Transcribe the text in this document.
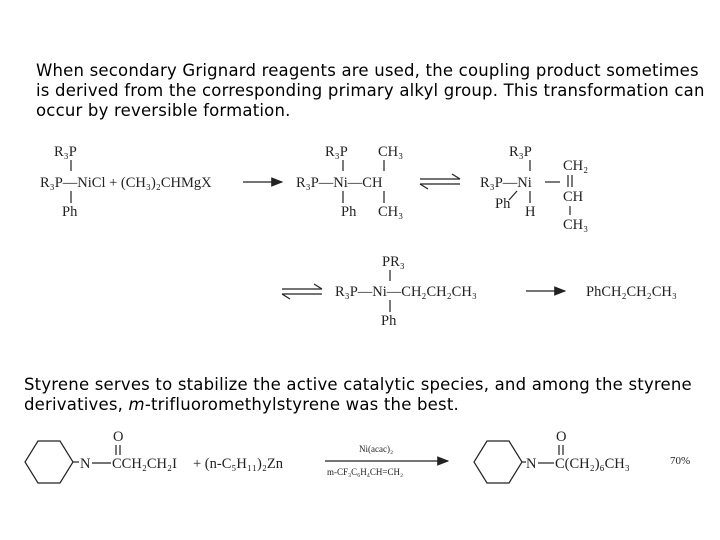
When secondary Grignard reagents are used, the coupling product sometimes is derived from the corresponding primary alkyl group. This transformation can occur by reversible formation.

R₃P
R₃P—NiCl + (CH₃)₂CHMgX
Ph
R₃P CH₃
R₃P—Ni—CH
Ph CH₃
R₃P
CH₂
R₃P—Ni
CH
Ph H
CH₃
PR₃
R₃P—Ni—CH₂CH₂CH₃
Ph
PhCH₂CH₂CH₃
N
O
CCH₂CH₂I + (n-C₅H₁₁)₂Zn
Ni(acac)₂
m-CF₃C₆H₄CH=CH₂	N
O
C(CH₂)₆CH₃	70%

Styrene serves to stabilize the active catalytic species, and among the styrene derivatives, m-trifluoromethylstyrene was the best.
